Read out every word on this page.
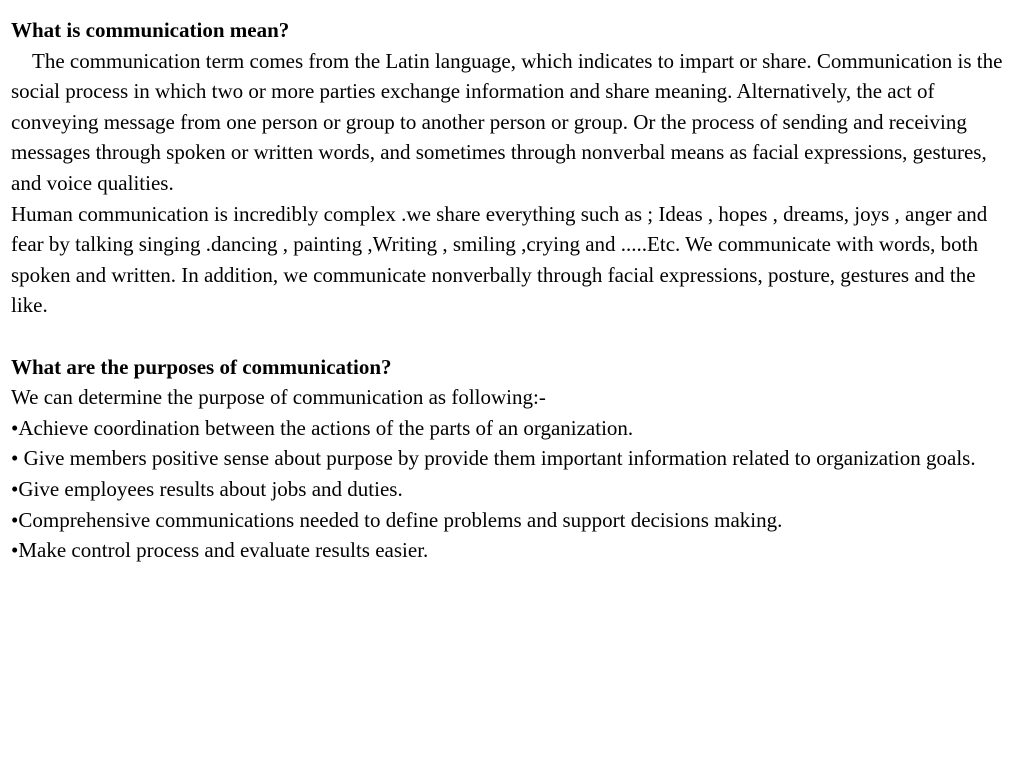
What is communication mean?

The communication term comes from the Latin language, which indicates to impart or share. Communication is the social process in which two or more parties exchange information and share meaning. Alternatively, the act of conveying message from one person or group to another person or group. Or the process of sending and receiving messages through spoken or written words, and sometimes through nonverbal means as facial expressions, gestures, and voice qualities.

Human communication is incredibly complex .we share everything such as ; Ideas , hopes , dreams, joys , anger and fear by talking singing .dancing , painting ,Writing , smiling ,crying and .....Etc. We communicate with words, both spoken and written. In addition, we communicate nonverbally through facial expressions, posture, gestures and the like.

What are the purposes of communication?

We can determine the purpose of communication as following:-

•Achieve coordination between the actions of the parts of an organization.

• Give members positive sense about purpose by provide them important information related to organization goals.

•Give employees results about jobs and duties.

•Comprehensive communications needed to define problems and support decisions making.

•Make control process and evaluate results easier.
